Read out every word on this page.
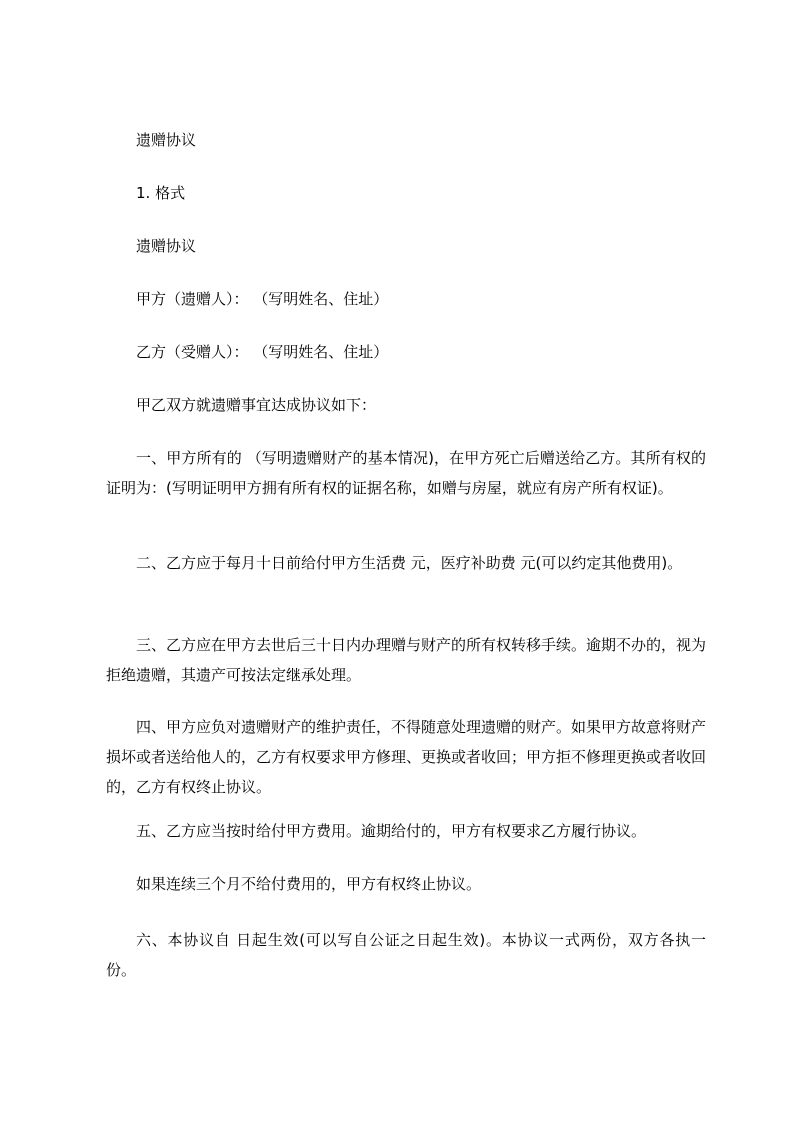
遗赠协议
1. 格式
遗赠协议
甲方（遗赠人）： （写明姓名、住址）
乙方（受赠人）： （写明姓名、住址）
甲乙双方就遗赠事宜达成协议如下：
一、甲方所有的 （写明遗赠财产的基本情况)，在甲方死亡后赠送给乙方。其所有权的证明为：(写明证明甲方拥有所有权的证据名称，如赠与房屋，就应有房产所有权证)。
二、乙方应于每月十日前给付甲方生活费 元，医疗补助费 元(可以约定其他费用)。
三、乙方应在甲方去世后三十日内办理赠与财产的所有权转移手续。逾期不办的，视为拒绝遗赠，其遗产可按法定继承处理。
四、甲方应负对遗赠财产的维护责任，不得随意处理遗赠的财产。如果甲方故意将财产损坏或者送给他人的，乙方有权要求甲方修理、更换或者收回；甲方拒不修理更换或者收回的，乙方有权终止协议。
五、乙方应当按时给付甲方费用。逾期给付的，甲方有权要求乙方履行协议。
如果连续三个月不给付费用的，甲方有权终止协议。
六、本协议自 日起生效(可以写自公证之日起生效)。本协议一式两份，双方各执一份。
